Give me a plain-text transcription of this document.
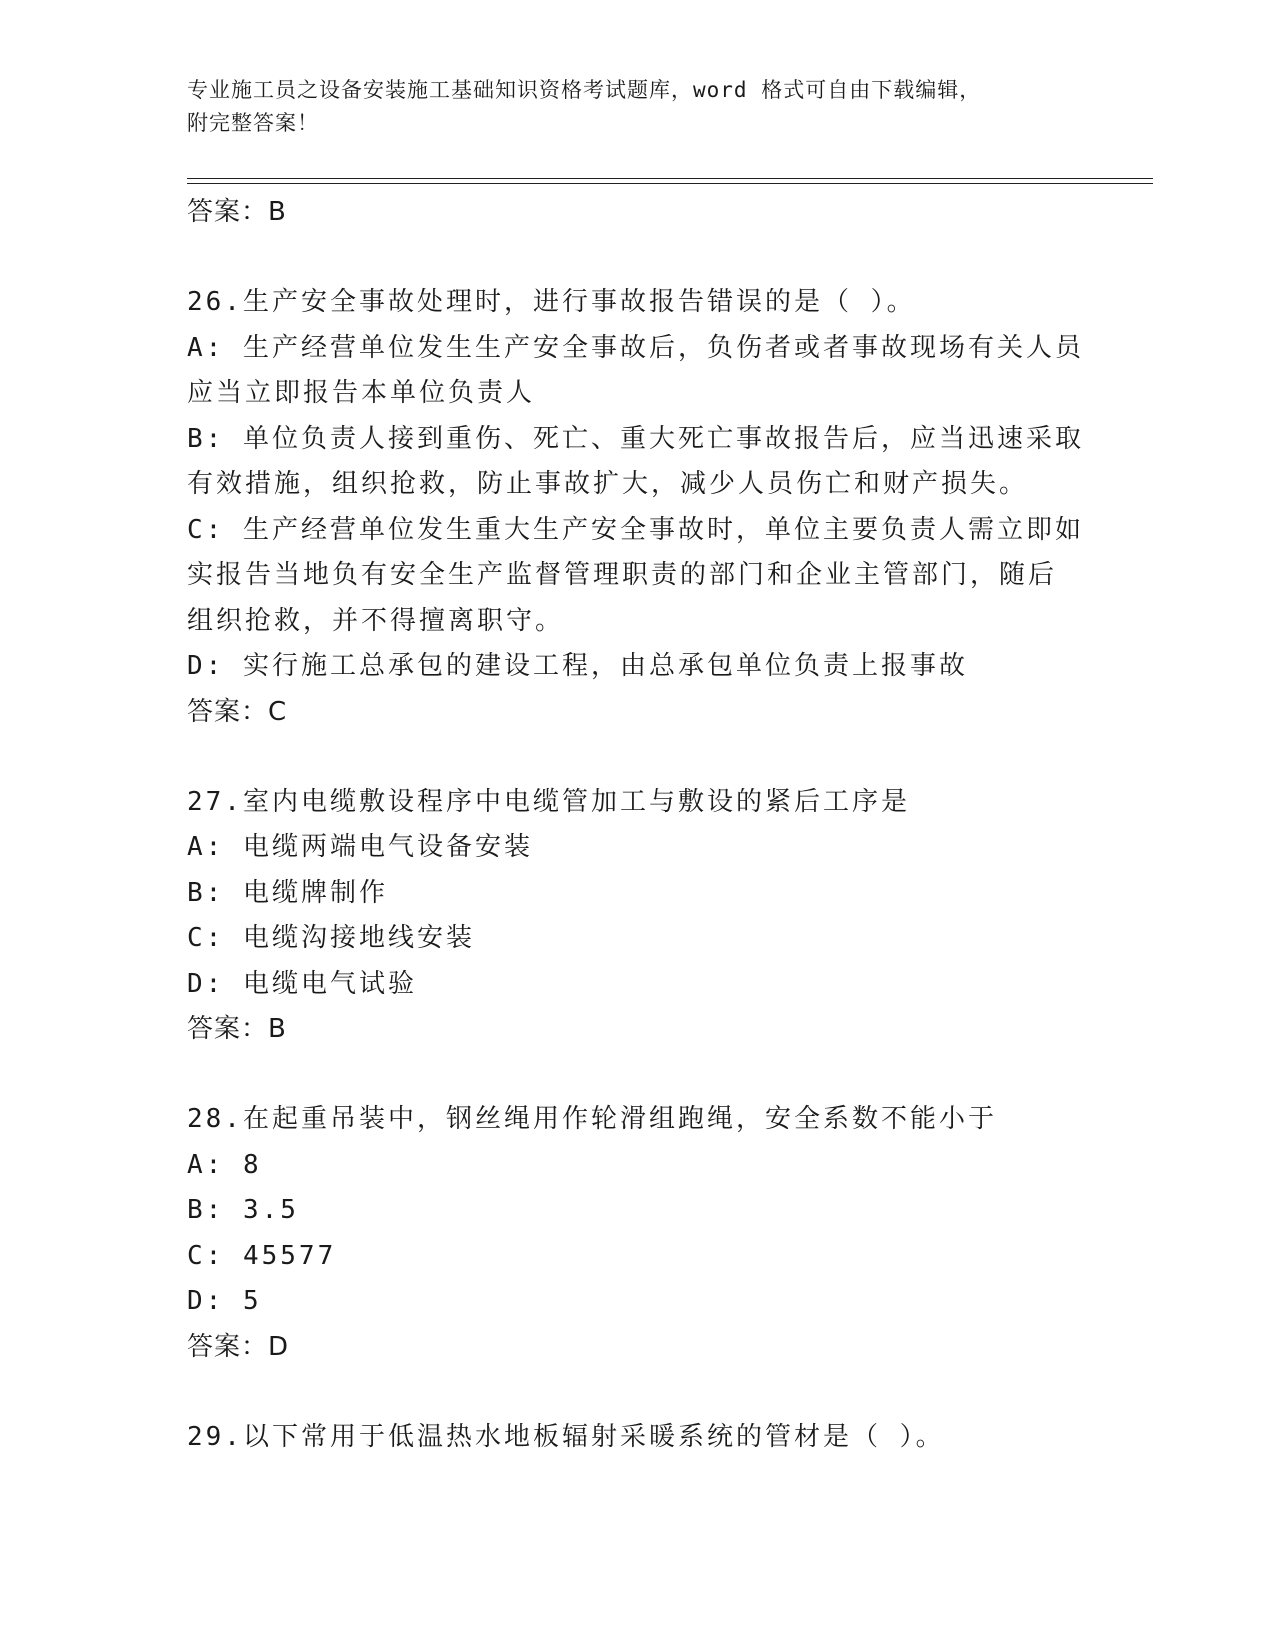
专业施工员之设备安装施工基础知识资格考试题库，word 格式可自由下载编辑，
附完整答案！
答案：B
26.生产安全事故处理时，进行事故报告错误的是（ ）。
A: 生产经营单位发生生产安全事故后，负伤者或者事故现场有关人员
应当立即报告本单位负责人
B: 单位负责人接到重伤、死亡、重大死亡事故报告后，应当迅速采取
有效措施，组织抢救，防止事故扩大，减少人员伤亡和财产损失。
C: 生产经营单位发生重大生产安全事故时，单位主要负责人需立即如
实报告当地负有安全生产监督管理职责的部门和企业主管部门，随后
组织抢救，并不得擅离职守。
D: 实行施工总承包的建设工程，由总承包单位负责上报事故
答案：C
27.室内电缆敷设程序中电缆管加工与敷设的紧后工序是
A: 电缆两端电气设备安装
B: 电缆牌制作
C: 电缆沟接地线安装
D: 电缆电气试验
答案：B
28.在起重吊装中，钢丝绳用作轮滑组跑绳，安全系数不能小于
A: 8
B: 3.5
C: 45577
D: 5
答案：D
29.以下常用于低温热水地板辐射采暖系统的管材是（ ）。
